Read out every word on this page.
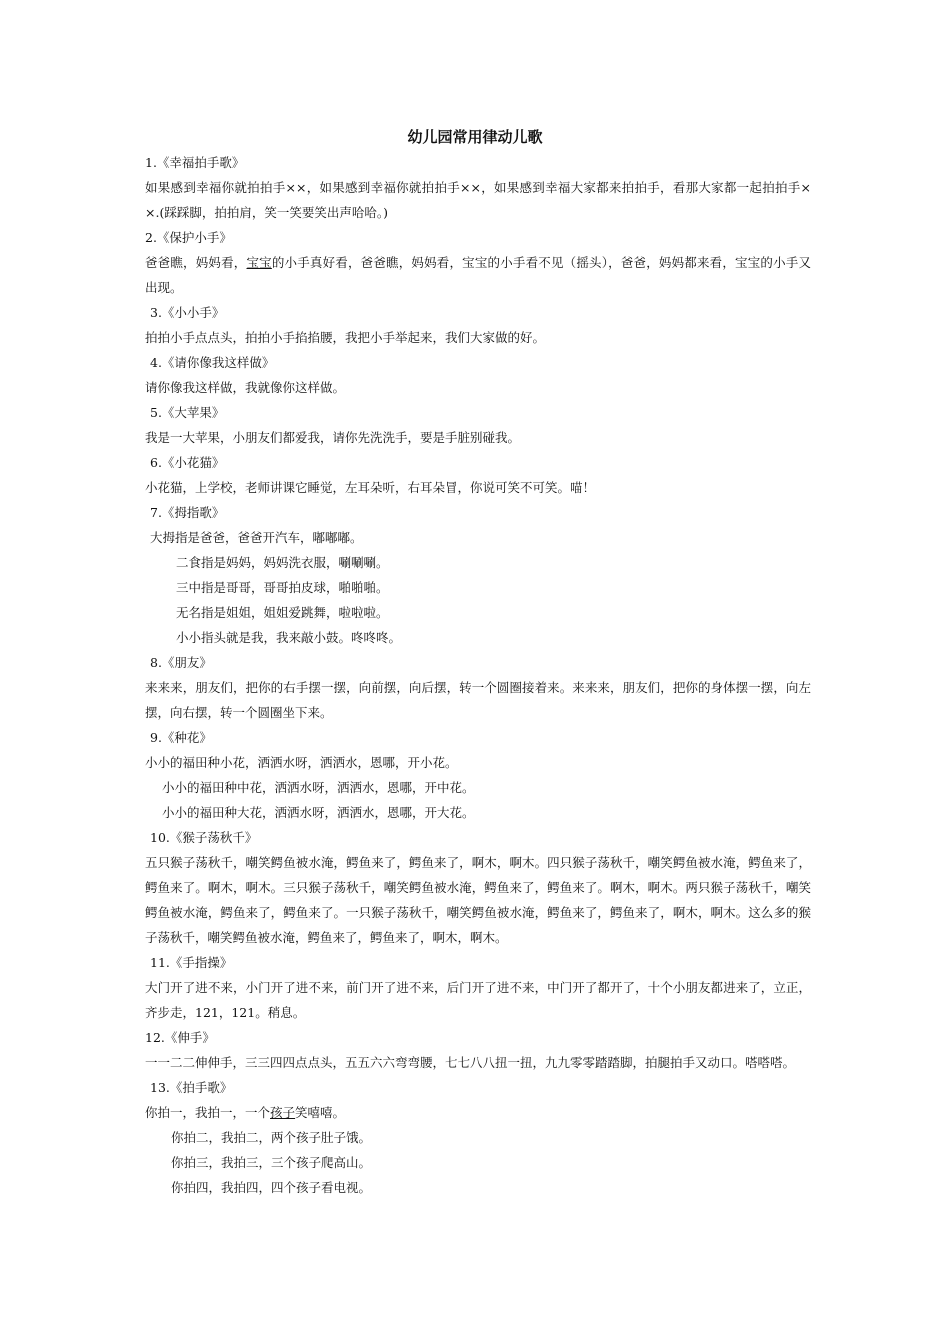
幼儿园常用律动儿歌
1.《幸福拍手歌》
如果感到幸福你就拍拍手××，如果感到幸福你就拍拍手××，如果感到幸福大家都来拍拍手，看那大家都一起拍拍手××.(踩踩脚，拍拍肩，笑一笑要笑出声哈哈。)
2.《保护小手》
爸爸瞧，妈妈看，宝宝的小手真好看，爸爸瞧，妈妈看，宝宝的小手看不见（摇头），爸爸，妈妈都来看，宝宝的小手又出现。
3.《小小手》
拍拍小手点点头，拍拍小手掐掐腰，我把小手举起来，我们大家做的好。
4.《请你像我这样做》
请你像我这样做，我就像你这样做。
5.《大苹果》
我是一大苹果，小朋友们都爱我，请你先洗洗手，要是手脏别碰我。
6.《小花猫》
小花猫，上学校，老师讲课它睡觉，左耳朵听，右耳朵冒，你说可笑不可笑。喵！
7.《拇指歌》
大拇指是爸爸，爸爸开汽车，嘟嘟嘟。
二食指是妈妈，妈妈洗衣服，唰唰唰。
三中指是哥哥，哥哥拍皮球，啪啪啪。
无名指是姐姐，姐姐爱跳舞，啦啦啦。
小小指头就是我，我来敲小鼓。咚咚咚。
8.《朋友》
来来来，朋友们，把你的右手摆一摆，向前摆，向后摆，转一个圆圈接着来。来来来，朋友们，把你的身体摆一摆，向左摆，向右摆，转一个圆圈坐下来。
9.《种花》
小小的福田种小花，洒洒水呀，洒洒水，恩哪，开小花。
小小的福田种中花，洒洒水呀，洒洒水，恩哪，开中花。
小小的福田种大花，洒洒水呀，洒洒水，恩哪，开大花。
10.《猴子荡秋千》
五只猴子荡秋千，嘲笑鳄鱼被水淹，鳄鱼来了，鳄鱼来了，啊木，啊木。四只猴子荡秋千，嘲笑鳄鱼被水淹，鳄鱼来了，鳄鱼来了。啊木，啊木。三只猴子荡秋千，嘲笑鳄鱼被水淹，鳄鱼来了，鳄鱼来了。啊木，啊木。两只猴子荡秋千，嘲笑鳄鱼被水淹，鳄鱼来了，鳄鱼来了。一只猴子荡秋千，嘲笑鳄鱼被水淹，鳄鱼来了，鳄鱼来了，啊木，啊木。这么多的猴子荡秋千，嘲笑鳄鱼被水淹，鳄鱼来了，鳄鱼来了，啊木，啊木。
11.《手指操》
大门开了进不来，小门开了进不来，前门开了进不来，后门开了进不来，中门开了都开了，十个小朋友都进来了，立正，齐步走，121，121。稍息。
12.《伸手》
一一二二伸伸手，三三四四点点头，五五六六弯弯腰，七七八八扭一扭，九九零零踏踏脚，拍腿拍手又动口。嗒嗒嗒。
13.《拍手歌》
你拍一，我拍一，一个孩子笑嘻嘻。
你拍二，我拍二，两个孩子肚子饿。
你拍三，我拍三，三个孩子爬高山。
你拍四，我拍四，四个孩子看电视。
